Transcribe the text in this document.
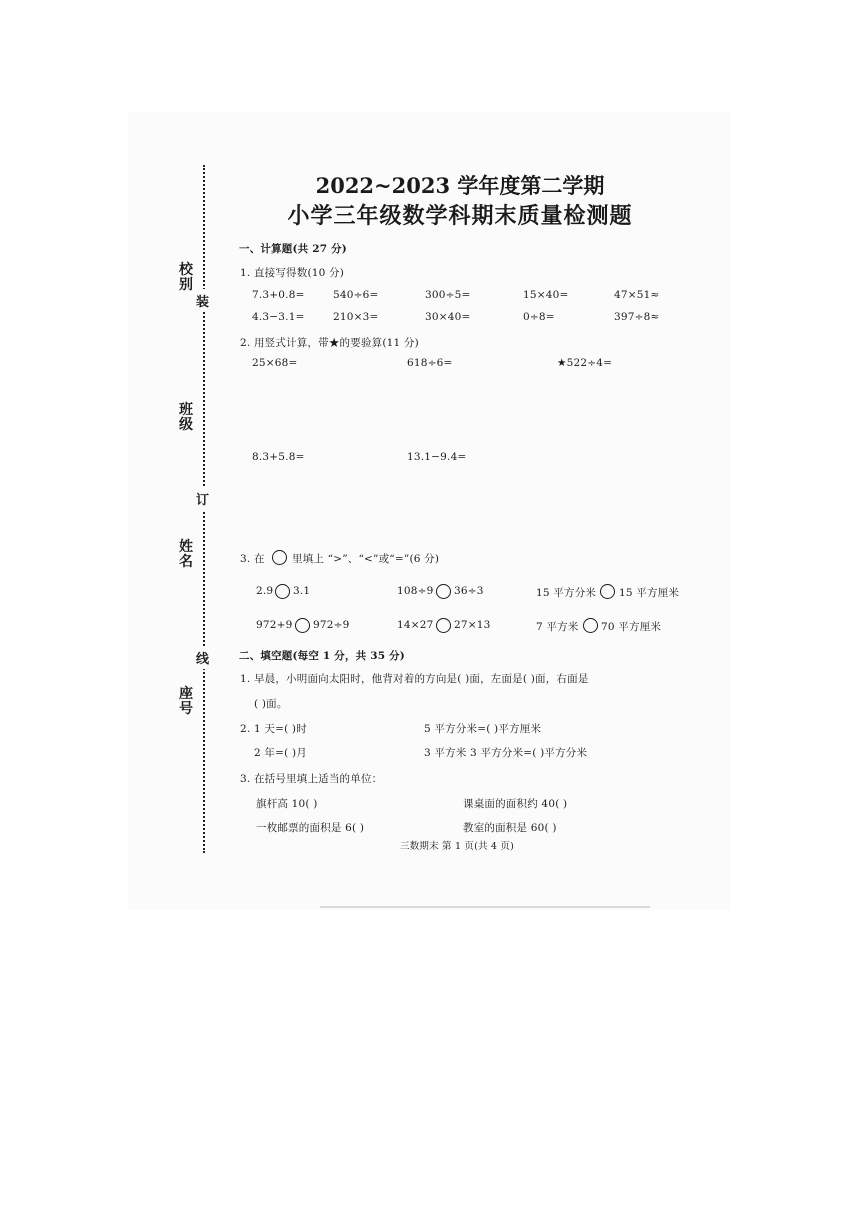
校别
班级
姓名
座号
装
订
线
2022~2023 学年度第二学期
小学三年级数学科期末质量检测题
一、计算题(共 27 分)
1. 直接写得数(10 分)
7.3+0.8=	540÷6=	300÷5=	15×40=	47×51≈
4.3−3.1=	210×3=	30×40=	0÷8=	397÷8≈
2. 用竖式计算，带★的要验算(11 分)
25×68=	618÷6=	★522÷4=
8.3+5.8=	13.1−9.4=
3. 在	里填上 “>”、“<”或“=”(6 分)
2.9 3.1	108÷9 36÷3	15 平方分米 15 平方厘米
972+9 972÷9	14×27 27×13	7 平方米 70 平方厘米
二、填空题(每空 1 分，共 35 分)
1. 早晨，小明面向太阳时，他背对着的方向是( )面，左面是( )面，右面是
( )面。
2. 1 天=( )时	5 平方分米=( )平方厘米
2 年=( )月	3 平方米 3 平方分米=( )平方分米
3. 在括号里填上适当的单位：
旗杆高 10( )	课桌面的面积约 40( )
一枚邮票的面积是 6( )	教室的面积是 60( )
三数期末 第 1 页(共 4 页)
